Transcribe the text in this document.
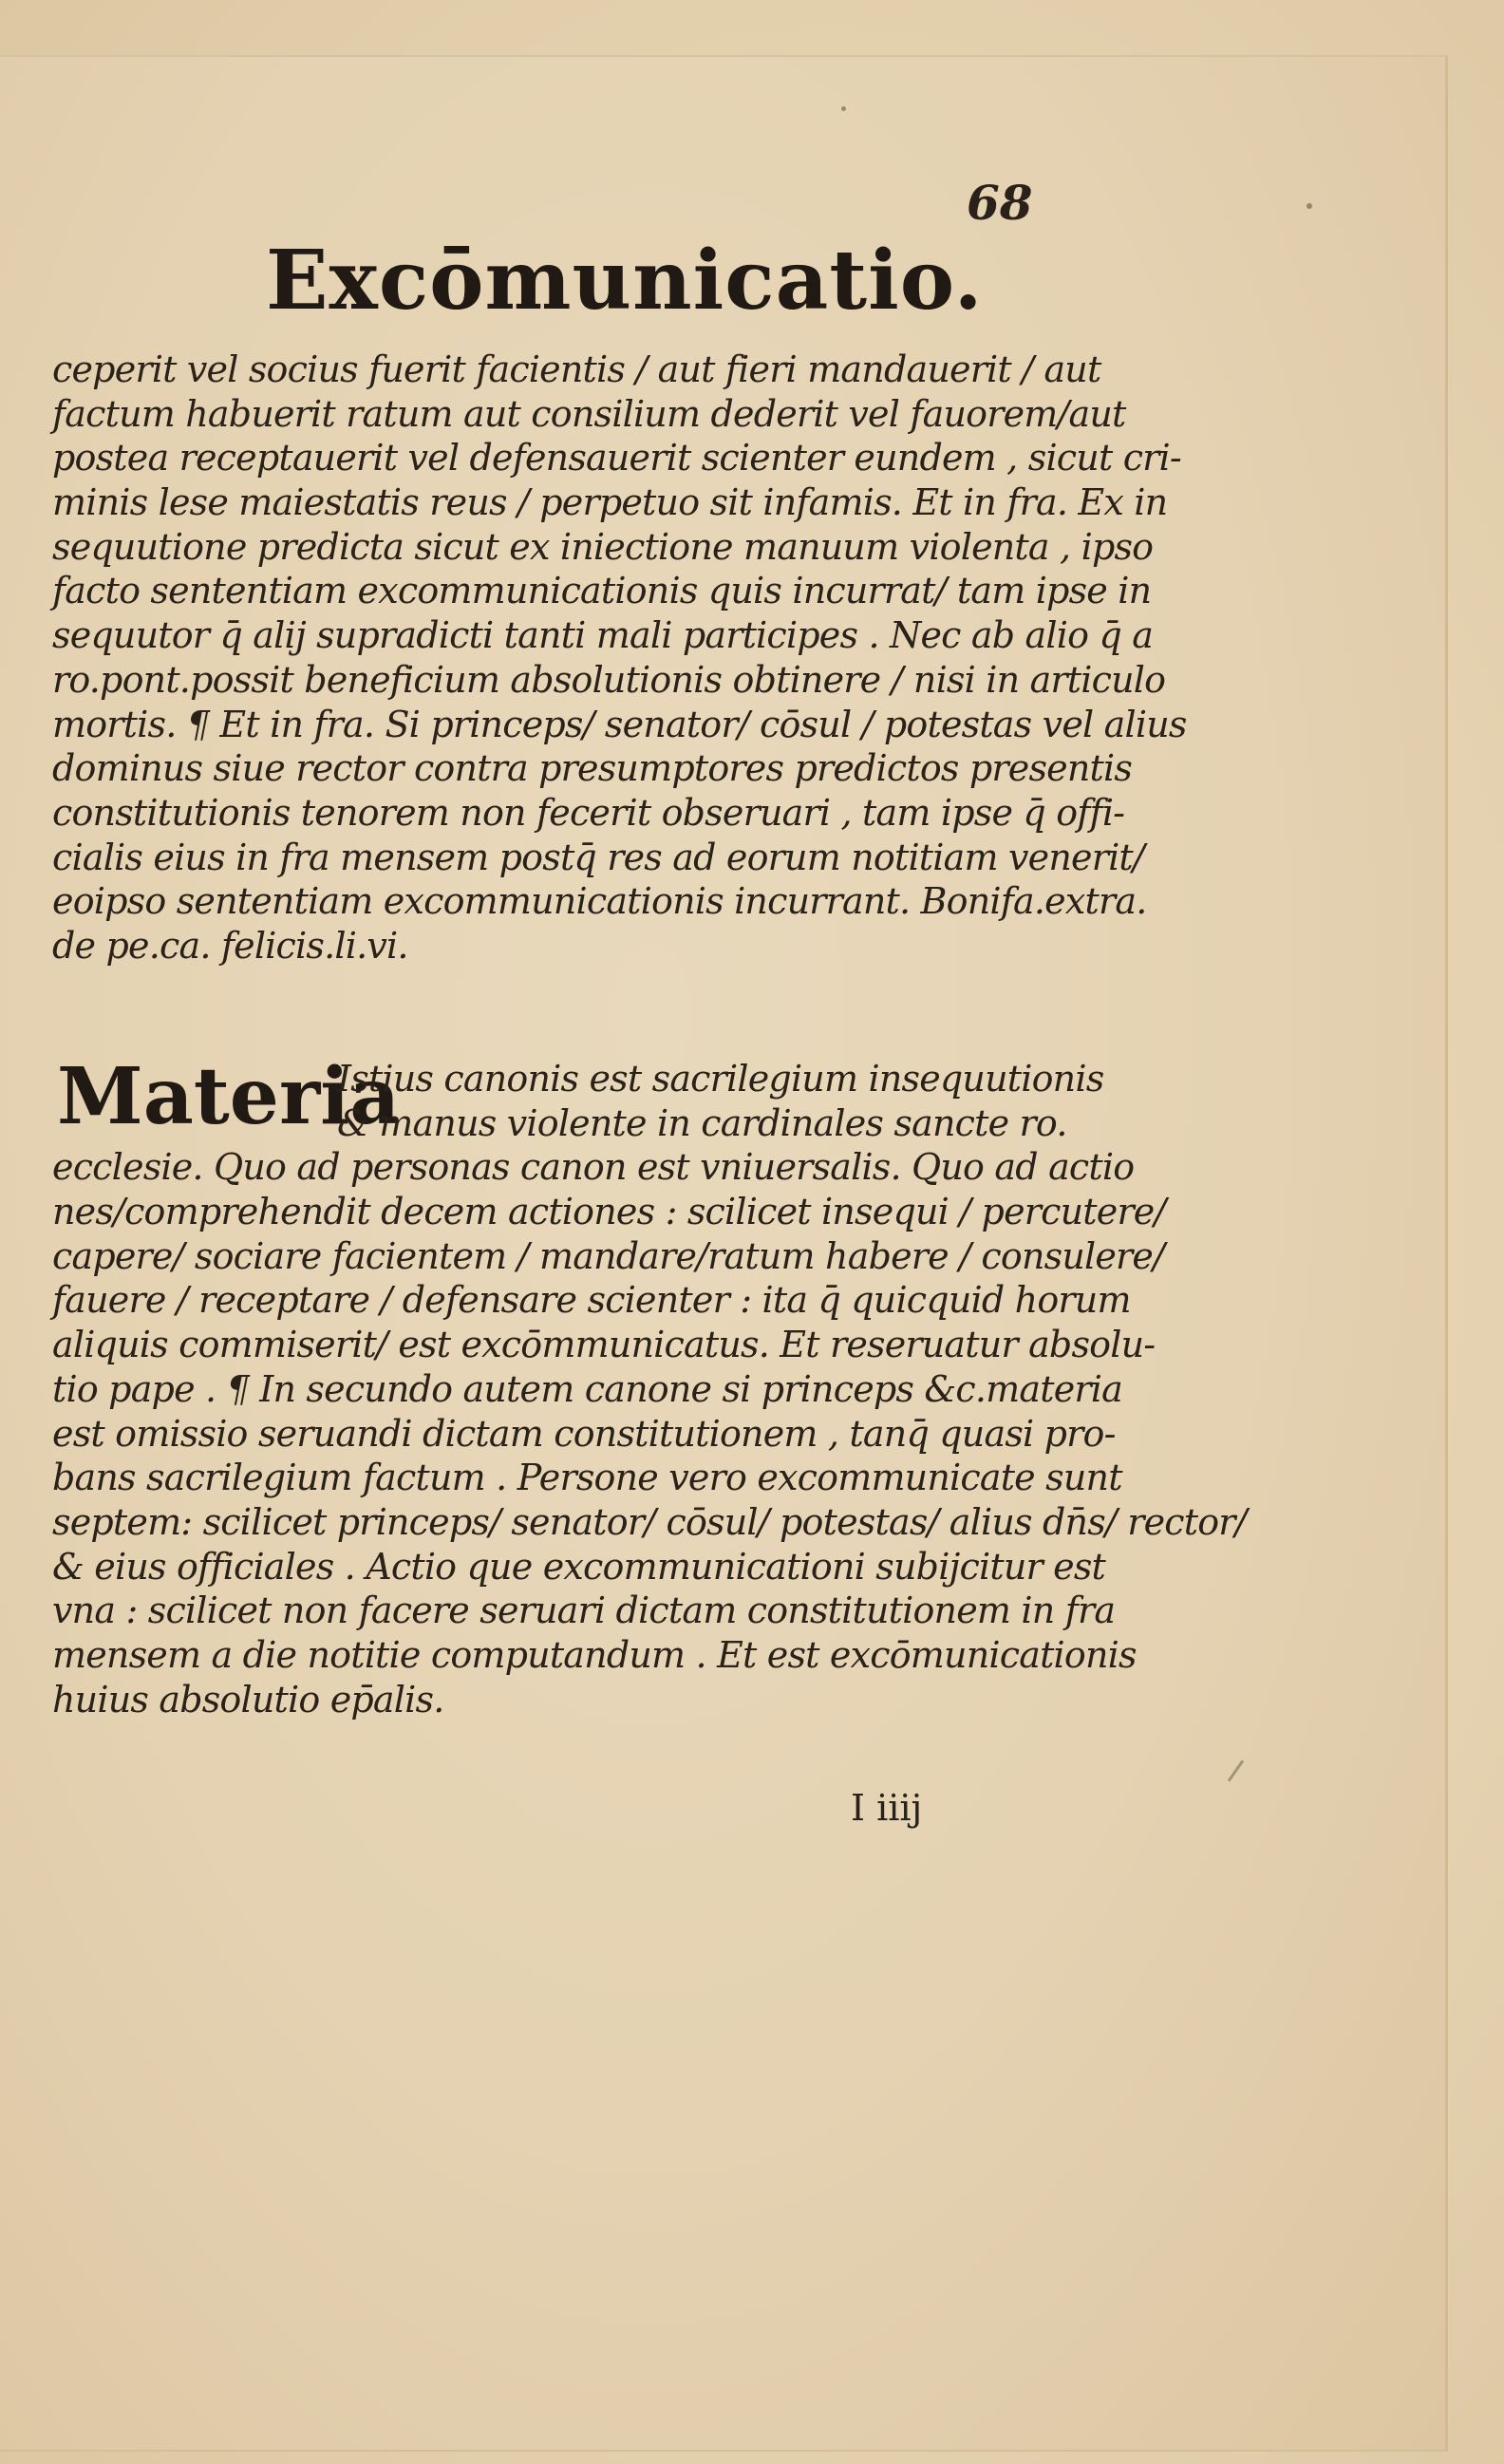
68

Excōmunicatio.
ceperit vel socius fuerit facientis / aut fieri mandauerit / aut
factum habuerit ratum aut consilium dederit vel fauorem/aut
postea receptauerit vel defensauerit scienter eundem , sicut cri-
minis lese maiestatis reus / perpetuo sit infamis. Et in fra. Ex in
sequutione predicta sicut ex iniectione manuum violenta , ipso
facto sententiam excommunicationis quis incurrat/ tam ipse in
sequutor q̄ alij supradicti tanti mali participes . Nec ab alio q̄ a
ro.pont.possit beneficium absolutionis obtinere / nisi in articulo
mortis. ¶ Et in fra. Si princeps/ senator/ cōsul / potestas vel alius
dominus siue rector contra presumptores predictos presentis
constitutionis tenorem non fecerit obseruari , tam ipse q̄ offi-
cialis eius in fra mensem postq̄ res ad eorum notitiam venerit/
eoipso sententiam excommunicationis incurrant. Bonifa.extra.
de pe.ca. felicis.li.vi.
Materia
Istius canonis est sacrilegium insequutionis
& manus violente in cardinales sancte ro.
ecclesie. Quo ad personas canon est vniuersalis. Quo ad actio
nes/comprehendit decem actiones : scilicet insequi / percutere/
capere/ sociare facientem / mandare/ratum habere / consulere/
fauere / receptare / defensare scienter : ita q̄ quicquid horum
aliquis commiserit/ est excōmmunicatus. Et reseruatur absolu-
tio pape . ¶ In secundo autem canone si princeps &c.materia
est omissio seruandi dictam constitutionem , tanq̄ quasi pro-
bans sacrilegium factum . Persone vero excommunicate sunt
septem: scilicet princeps/ senator/ cōsul/ potestas/ alius dn̄s/ rector/
& eius officiales . Actio que excommunicationi subijcitur est
vna : scilicet non facere seruari dictam constitutionem in fra
mensem a die notitie computandum . Et est excōmunicationis
huius absolutio ep̄alis.

I iiij
